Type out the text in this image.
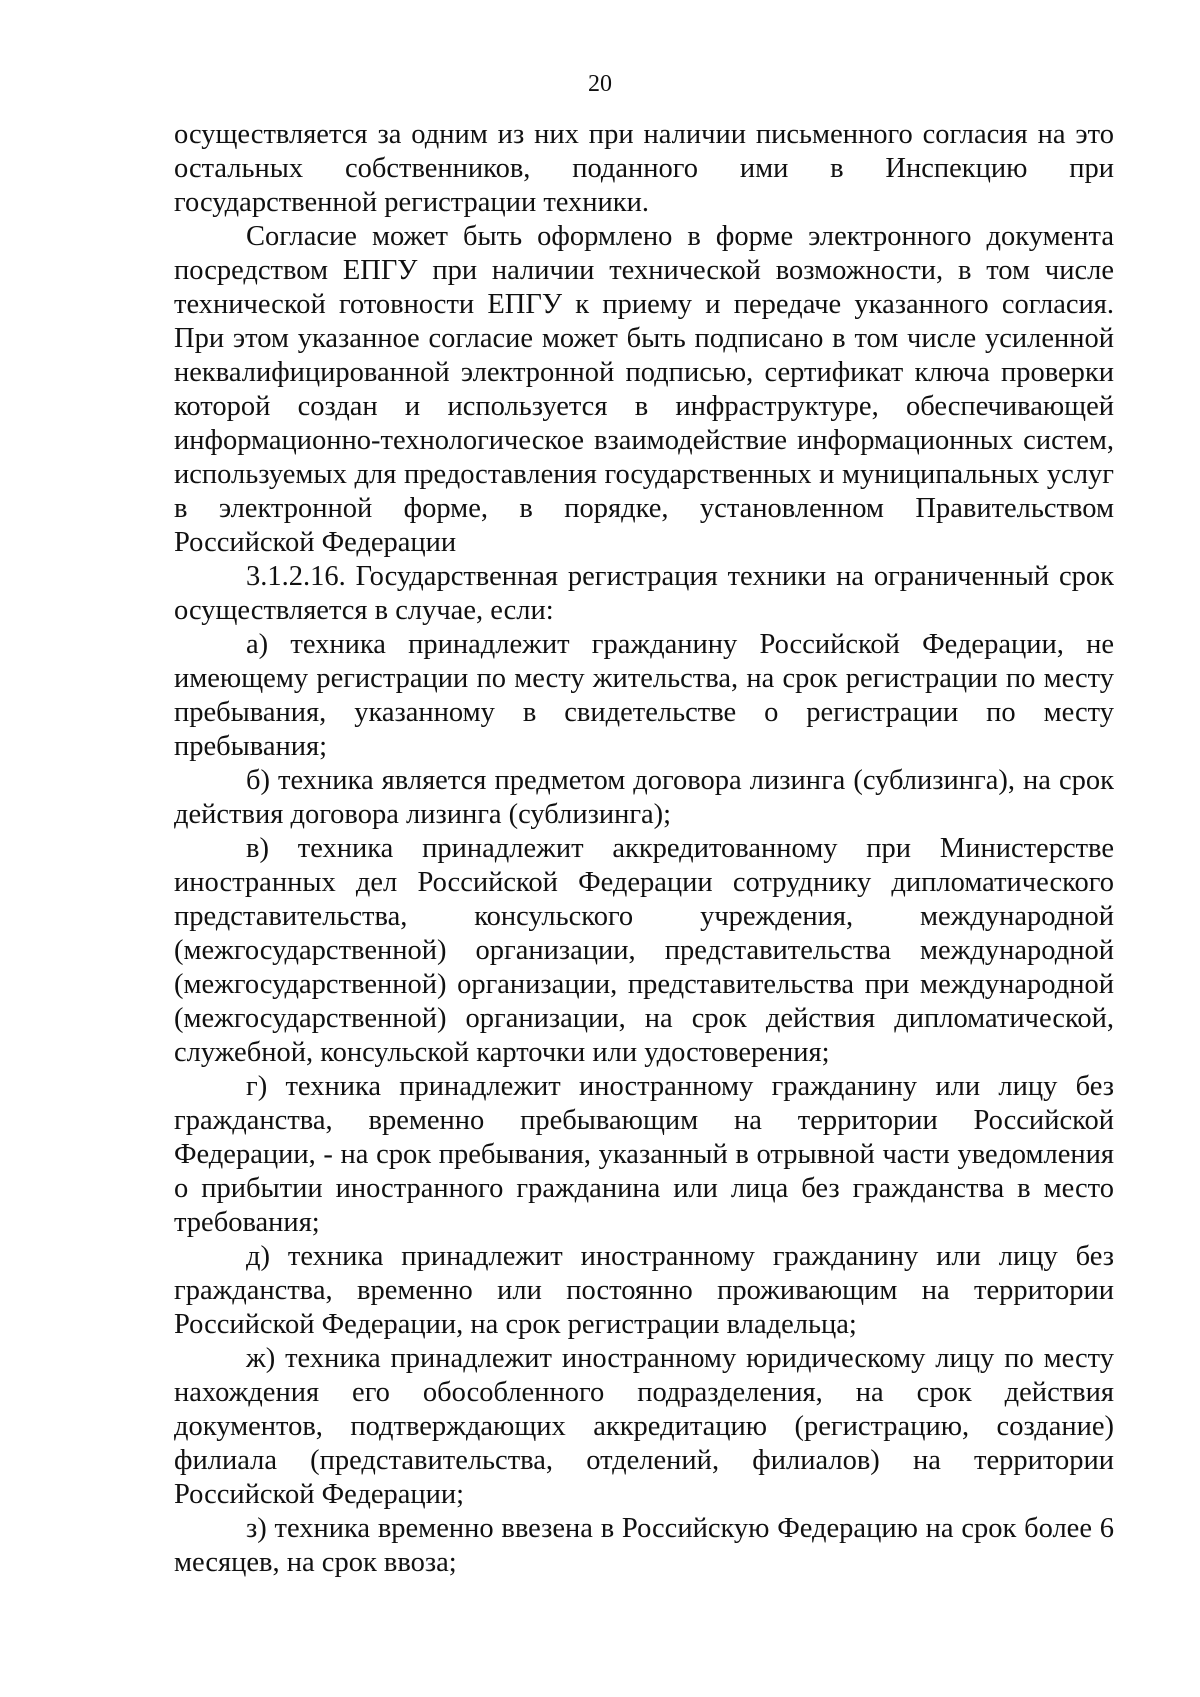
20

осуществляется за одним из них при наличии письменного согласия на это остальных собственников, поданного ими в Инспекцию при государственной регистрации техники.

Согласие может быть оформлено в форме электронного документа посредством ЕПГУ при наличии технической возможности, в том числе технической готовности ЕПГУ к приему и передаче указанного согласия. При этом указанное согласие может быть подписано в том числе усиленной неквалифицированной электронной подписью, сертификат ключа проверки которой создан и используется в инфраструктуре, обеспечивающей информационно-технологическое взаимодействие информационных систем, используемых для предоставления государственных и муниципальных услуг в электронной форме, в порядке, установленном Правительством Российской Федерации

3.1.2.16. Государственная регистрация техники на ограниченный срок осуществляется в случае, если:

а) техника принадлежит гражданину Российской Федерации, не имеющему регистрации по месту жительства, на срок регистрации по месту пребывания, указанному в свидетельстве о регистрации по месту пребывания;

б) техника является предметом договора лизинга (сублизинга), на срок действия договора лизинга (сублизинга);

в) техника принадлежит аккредитованному при Министерстве иностранных дел Российской Федерации сотруднику дипломатического представительства, консульского учреждения, международной (межгосударственной) организации, представительства международной (межгосударственной) организации, представительства при международной (межгосударственной) организации, на срок действия дипломатической, служебной, консульской карточки или удостоверения;

г) техника принадлежит иностранному гражданину или лицу без гражданства, временно пребывающим на территории Российской Федерации, - на срок пребывания, указанный в отрывной части уведомления о прибытии иностранного гражданина или лица без гражданства в место требования;

д) техника принадлежит иностранному гражданину или лицу без гражданства, временно или постоянно проживающим на территории Российской Федерации, на срок регистрации владельца;

ж) техника принадлежит иностранному юридическому лицу по месту нахождения его обособленного подразделения, на срок действия документов, подтверждающих аккредитацию (регистрацию, создание) филиала (представительства, отделений, филиалов) на территории Российской Федерации;

з) техника временно ввезена в Российскую Федерацию на срок более 6 месяцев, на срок ввоза;
